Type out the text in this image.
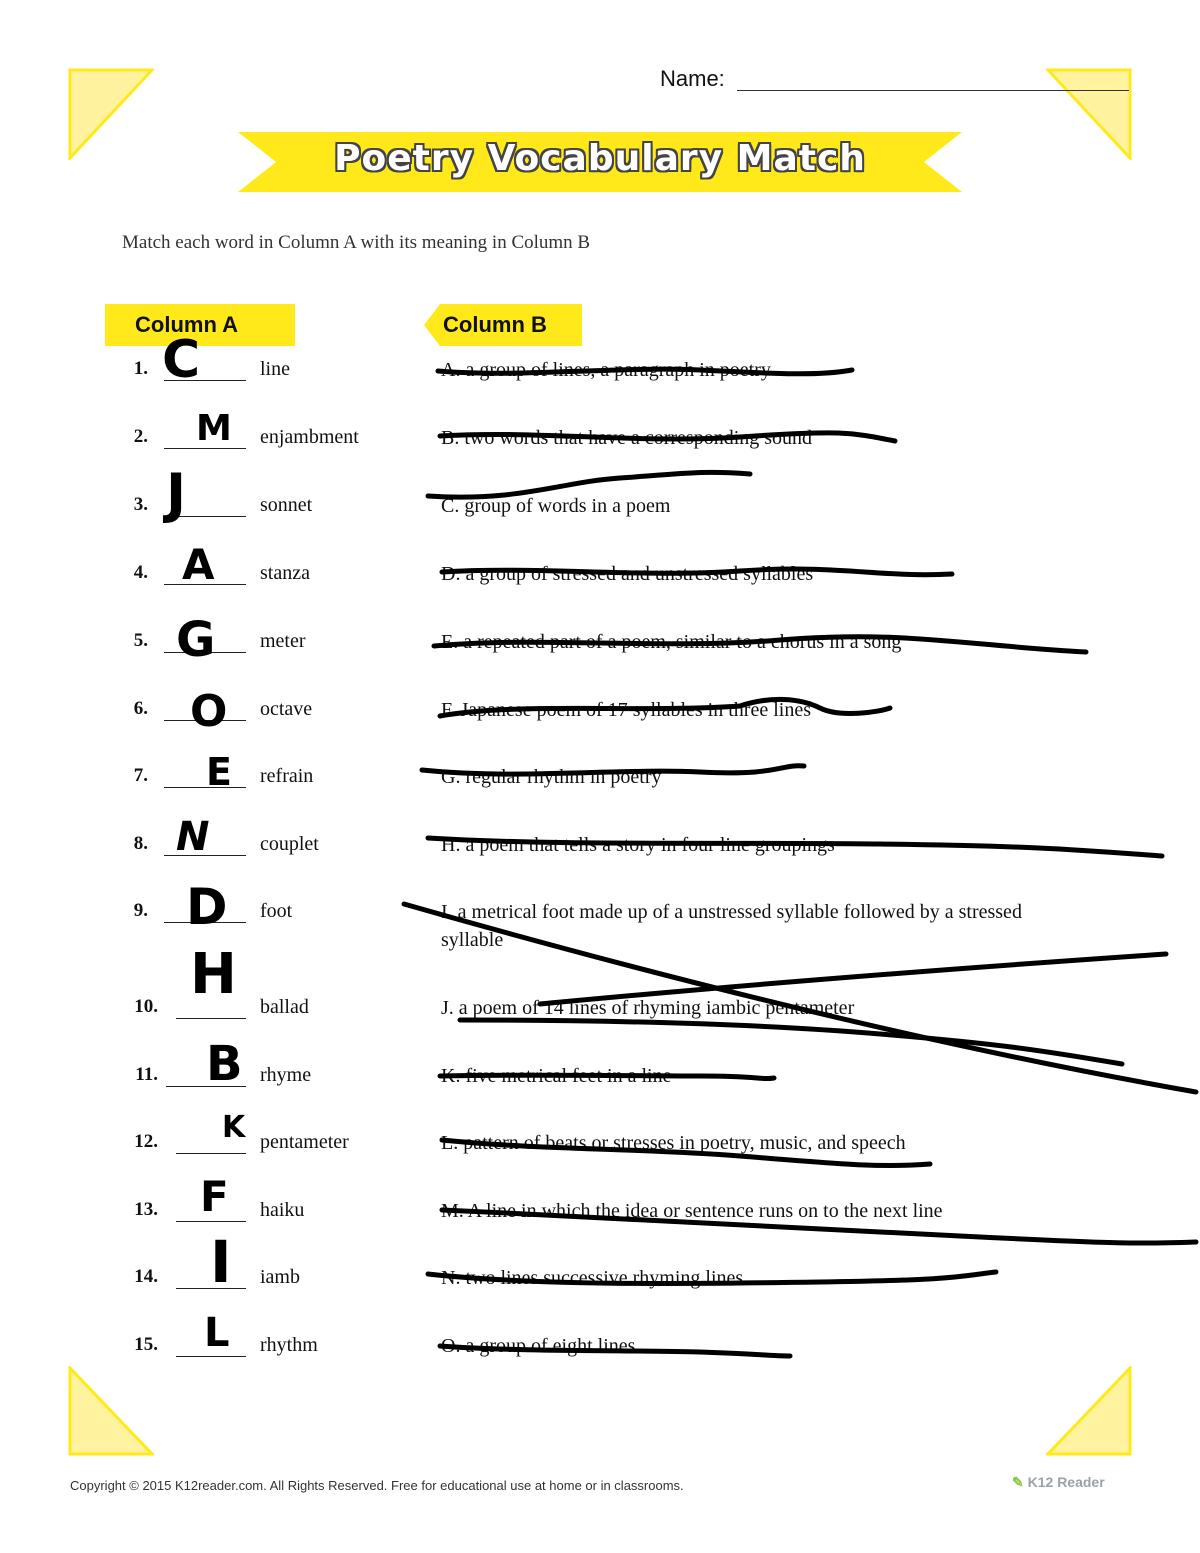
Name:
Poetry Vocabulary Match
Match each word in Column A with its meaning in Column B
Column A	Column B
1. C	line	A. a group of lines, a paragraph in poetry
2. M enjambment	B. two words that have a corresponding sound
3. J	sonnet	C. group of words in a poem
4. A stanza	D. a group of stressed and unstressed syllables
5. G meter	E. a repeated part of a poem, similar to a chorus in a song
6. O octave	F. Japanese poem of 17 syllables in three lines
7. E refrain	G. regular rhythm in poetry
8. N	couplet	H. a poem that tells a story in four line groupings
9. D foot	I. a metrical foot made up of a unstressed syllable followed by a stressed syllable
10. H ballad	J. a poem of 14 lines of rhyming iambic pentameter
11. B rhyme	K. five metrical feet in a line
12. K pentameter	L. pattern of beats or stresses in poetry, music, and speech
13. F haiku	M. A line in which the idea or sentence runs on to the next line
14. I iamb	N. two lines successive rhyming lines
15. L rhythm	O. a group of eight lines
Copyright © 2015 K12reader.com. All Rights Reserved. Free for educational use at home or in classrooms.	✎ K12 Reader
